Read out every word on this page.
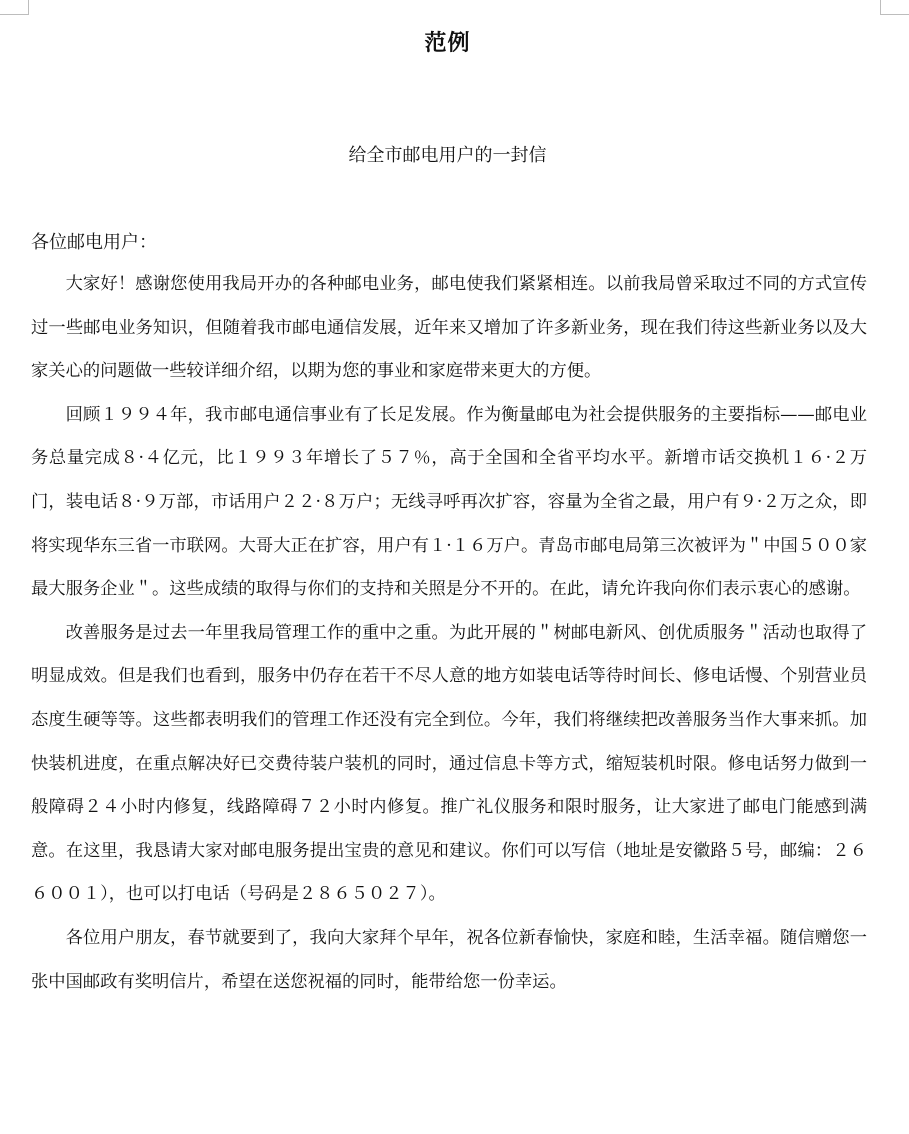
范例
给全市邮电用户的一封信
各位邮电用户：

大家好！感谢您使用我局开办的各种邮电业务，邮电使我们紧紧相连。以前我局曾采取过不同的方式宣传过一些邮电业务知识，但随着我市邮电通信发展，近年来又增加了许多新业务，现在我们待这些新业务以及大家关心的问题做一些较详细介绍，以期为您的事业和家庭带来更大的方便。

回顾１９９４年，我市邮电通信事业有了长足发展。作为衡量邮电为社会提供服务的主要指标——邮电业务总量完成８·４亿元，比１９９３年增长了５７％，高于全国和全省平均水平。新增市话交换机１６·２万门，装电话８·９万部，市话用户２２·８万户；无线寻呼再次扩容，容量为全省之最，用户有９·２万之众，即将实现华东三省一市联网。大哥大正在扩容，用户有１·１６万户。青岛市邮电局第三次被评为＂中国５００家最大服务企业＂。这些成绩的取得与你们的支持和关照是分不开的。在此，请允许我向你们表示衷心的感谢。

改善服务是过去一年里我局管理工作的重中之重。为此开展的＂树邮电新风、创优质服务＂活动也取得了明显成效。但是我们也看到，服务中仍存在若干不尽人意的地方如装电话等待时间长、修电话慢、个别营业员态度生硬等等。这些都表明我们的管理工作还没有完全到位。今年，我们将继续把改善服务当作大事来抓。加快装机进度，在重点解决好已交费待装户装机的同时，通过信息卡等方式，缩短装机时限。修电话努力做到一般障碍２４小时内修复，线路障碍７２小时内修复。推广礼仪服务和限时服务，让大家进了邮电门能感到满意。在这里，我恳请大家对邮电服务提出宝贵的意见和建议。你们可以写信（地址是安徽路５号，邮编：２６６００１），也可以打电话（号码是２８６５０２７）。

各位用户朋友，春节就要到了，我向大家拜个早年，祝各位新春愉快，家庭和睦，生活幸福。随信赠您一张中国邮政有奖明信片，希望在送您祝福的同时，能带给您一份幸运。
